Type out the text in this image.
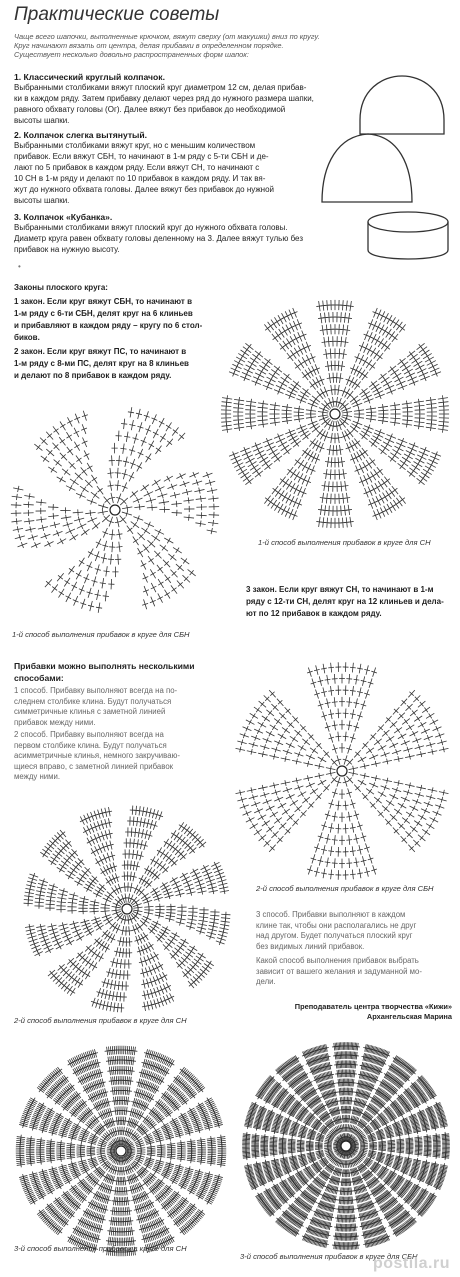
Практические советы
Чаще всего шапочки, выполненные крючком, вяжут сверху (от макушки) вниз по кругу.
Круг начинают вязать от центра, делая прибавки в определенном порядке.
Существует несколько довольно распространенных форм шапок:
1. Классический круглый колпачок.
Выбранными столбиками вяжут плоский круг диаметром 12 см, делая прибав-
ки в каждом ряду. Затем прибавку делают через ряд до нужного размера шапки,
равного обхвату головы (Ог). Далее вяжут без прибавок до необходимой
высоты шапки.
2. Колпачок слегка вытянутый.
Выбранными столбиками вяжут круг, но с меньшим количеством
прибавок. Если вяжут СБН, то начинают в 1-м ряду с 5-ти СБН и де-
лают по 5 прибавок в каждом ряду. Если вяжут СН, то начинают с
10 СН в 1-м ряду и делают по 10 прибавок в каждом ряду. И так вя-
жут до нужного обхвата головы. Далее вяжут без прибавок до нужной
высоты шапки.
3. Колпачок «Кубанка».
Выбранными столбиками вяжут плоский круг до нужного обхвата головы.
Диаметр круга равен обхвату головы деленному на 3. Далее вяжут тулью без
прибавок на нужную высоту.
•
Законы плоского круга:
1 закон. Если круг вяжут СБН, то начинают в
1-м ряду с 6-ти СБН, делят круг на 6 клиньев
и прибавляют в каждом ряду – кругу по 6 стол-
биков.
2 закон. Если круг вяжут ПС, то начинают в
1-м ряду с 8-ми ПС, делят круг на 8 клиньев
и делают по 8 прибавок в каждом ряду.
1-й способ выполнения прибавок в круге для СН
1-й способ выполнения прибавок в круге для СБН
3 закон. Если круг вяжут СН, то начинают в 1-м
ряду с 12-ти СН, делят круг на 12 клиньев и дела-
ют по 12 прибавок в каждом ряду.
Прибавки можно выполнять несколькими
способами:
1 способ. Прибавку выполняют всегда на по-
следнем столбике клина. Будут получаться
симметричные клинья с заметной линией
прибавок между ними.
2 способ. Прибавку выполняют всегда на
первом столбике клина. Будут получаться
асимметричные клинья, немного закручиваю-
щиеся вправо, с заметной линией прибавок
между ними.
2-й способ выполнения прибавок в круге для СБН
2-й способ выполнения прибавок в круге для СН
3 способ. Прибавки выполняют в каждом
клине так, чтобы они располагались не друг
над другом. Будет получаться плоский круг
без видимых линий прибавок.
Какой способ выполнения прибавок выбрать
зависит от вашего желания и задуманной мо-
дели.
Преподаватель центра творчества «Кижи»
Архангельская Марина
3-й способ выполнения прибавок в круге для СН
3-й способ выполнения прибавок в круге для СБН
postila.ru
